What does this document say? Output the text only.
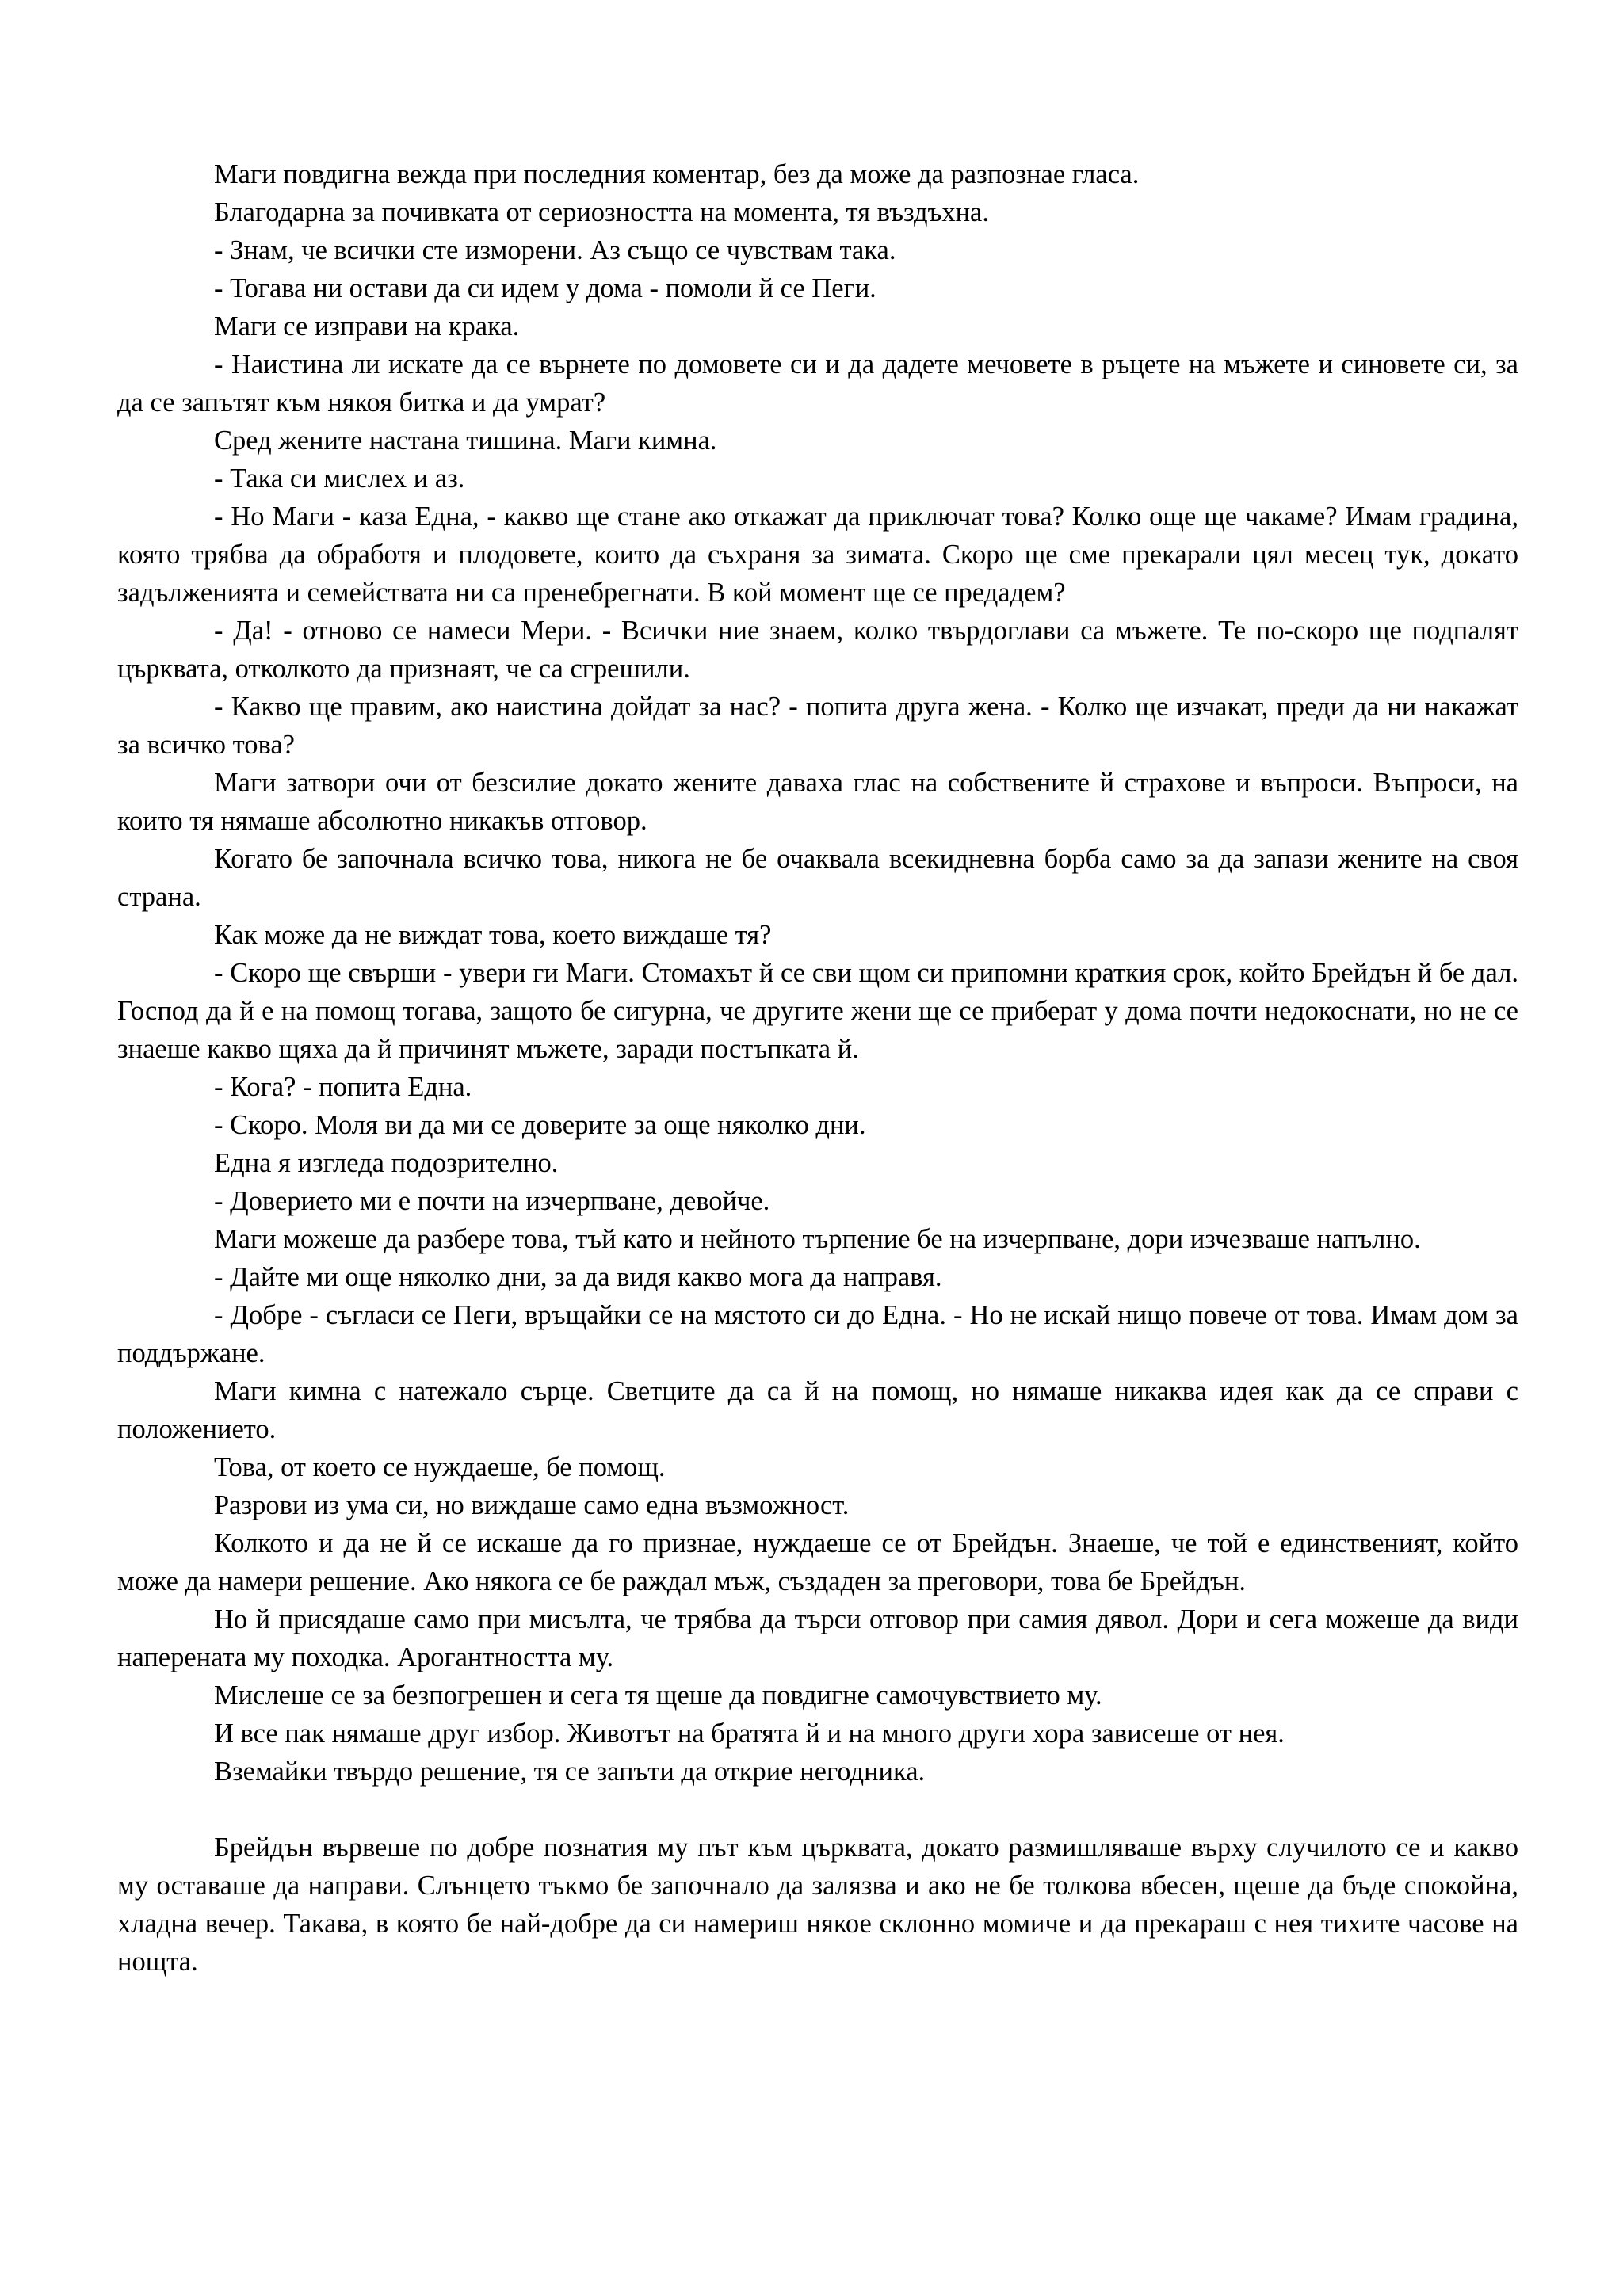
Маги повдигна вежда при последния коментар, без да може да разпознае гласа.

Благодарна за почивката от сериозността на момента, тя въздъхна.

- Знам, че всички сте изморени. Аз също се чувствам така.

- Тогава ни остави да си идем у дома - помоли й се Пеги.

Маги се изправи на крака.

- Наистина ли искате да се върнете по домовете си и да дадете мечовете в ръцете на мъжете и синовете си, за да се запътят към някоя битка и да умрат?

Сред жените настана тишина. Маги кимна.

- Така си мислех и аз.

- Но Маги - каза Една, - какво ще стане ако откажат да приключат това? Колко още ще чакаме? Имам градина, която трябва да обработя и плодовете, които да съхраня за зимата. Скоро ще сме прекарали цял месец тук, докато задълженията и семействата ни са пренебрегнати. В кой момент ще се предадем?

- Да! - отново се намеси Мери. - Всички ние знаем, колко твърдоглави са мъжете. Те по-скоро ще подпалят църквата, отколкото да признаят, че са сгрешили.

- Какво ще правим, ако наистина дойдат за нас? - попита друга жена. - Колко ще изчакат, преди да ни накажат за всичко това?

Маги затвори очи от безсилие докато жените даваха глас на собствените й страхове и въпроси. Въпроси, на които тя нямаше абсолютно никакъв отговор.

Когато бе започнала всичко това, никога не бе очаквала всекидневна борба само за да запази жените на своя страна.

Как може да не виждат това, което виждаше тя?

- Скоро ще свърши - увери ги Маги. Стомахът й се сви щом си припомни краткия срок, който Брейдън й бе дал. Господ да й е на помощ тогава, защото бе сигурна, че другите жени ще се приберат у дома почти недокоснати, но не се знаеше какво щяха да й причинят мъжете, заради постъпката й.

- Кога? - попита Една.

- Скоро. Моля ви да ми се доверите за още няколко дни.

Една я изгледа подозрително.

- Доверието ми е почти на изчерпване, девойче.

Маги можеше да разбере това, тъй като и нейното търпение бе на изчерпване, дори изчезваше напълно.

- Дайте ми още няколко дни, за да видя какво мога да направя.

- Добре - съгласи се Пеги, връщайки се на мястото си до Една. - Но не искай нищо повече от това. Имам дом за поддържане.

Маги кимна с натежало сърце. Светците да са й на помощ, но нямаше никаква идея как да се справи с положението.

Това, от което се нуждаеше, бе помощ.

Разрови из ума си, но виждаше само една възможност.

Колкото и да не й се искаше да го признае, нуждаеше се от Брейдън. Знаеше, че той е единственият, който може да намери решение. Ако някога се бе раждал мъж, създаден за преговори, това бе Брейдън.

Но й присядаше само при мисълта, че трябва да търси отговор при самия дявол. Дори и сега можеше да види наперената му походка. Арогантността му.

Мислеше се за безпогрешен и сега тя щеше да повдигне самочувствието му.

И все пак нямаше друг избор. Животът на братята й и на много други хора зависеше от нея.

Вземайки твърдо решение, тя се запъти да открие негодника.

Брейдън вървеше по добре познатия му път към църквата, докато размишляваше върху случилото се и какво му оставаше да направи. Слънцето тъкмо бе започнало да залязва и ако не бе толкова вбесен, щеше да бъде спокойна, хладна вечер. Такава, в която бе най-добре да си намериш някое склонно момиче и да прекараш с нея тихите часове на нощта.
